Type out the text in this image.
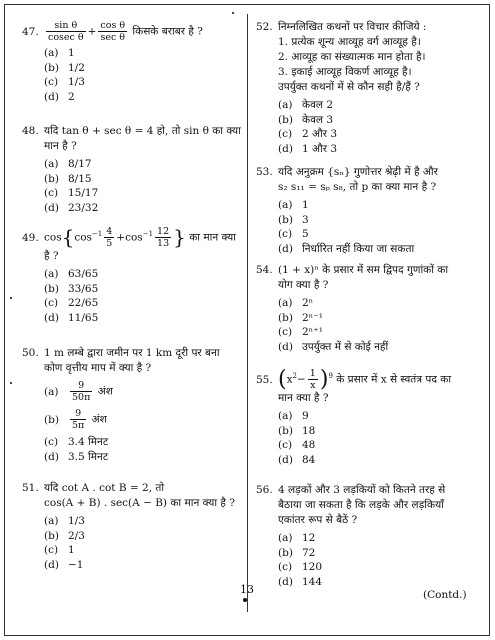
47. $\frac{\text{sin θ}}{\text{cosec θ}} + \frac{\text{cos θ}}{\text{sec θ}}$ किसके बराबर है ?

(a) 1
(b) 1/2
(c) 1/3
(d) 2

48. यदि tan θ + sec θ = 4 हो, तो sin θ का क्या

मान है ?

(a) 8/17
(b) 8/15
(c) 15/17
(d) 23/32

49. $\cos\{\cos^{-1} \frac{4}{5} +\cos^{-1} \frac{12}{13}$ } का मान क्या

है ?

(a) 63/65
(b) 33/65
(c) 22/65
(d) 11/65

50. 1 m लम्बे द्वारा जमीन पर 1 km दूरी पर बना

कोण वृत्तीय माप में क्या है ?

$(a) \frac{9}{50\pi}$ अंश
$(b) \frac{9}{5\pi}$ अंश
(c) 3.4 मिनट
(d) 3.5 मिनट

51. यदि cot A . cot B = 2, तो

cos(A + B) . sec(A − B) का मान क्या है ?

(a) 1/3
(b) 2/3
(c) 1
(d) −1

52. निम्नलिखित कथनों पर विचार कीजिये :

1. प्रत्येक शून्य आव्यूह वर्ग आव्यूह है।

2. आव्यूह का संख्यात्मक मान होता है।

3. इकाई आव्यूह विकर्ण आव्यूह है।

उपर्युक्त कथनों में से कौन सही है/हैं ?

(a) केवल 2
(b) केवल 3
(c) 2 और 3
(d) 1 और 3

53. यदि अनुक्रम {sₙ} गुणोत्तर श्रेढ़ी में है और

s₂ s₁₁ = sₚ s₈, तो p का क्या मान है ?

(a) 1
(b) 3
(c) 5
(d) निर्धारित नहीं किया जा सकता

54. (1 + x)ⁿ के प्रसार में सम द्विपद गुणांकों का

योग क्या है ?

(a) 2ⁿ
(b) 2ⁿ⁻¹
(c) 2ⁿ⁺¹
(d) उपर्युक्त में से कोई नहीं

55. $(x^2- \frac{1}{x} )^9$ के प्रसार में x से स्वतंत्र पद का

मान क्या है ?

(a) 9
(b) 18
(c) 48
(d) 84

56. 4 लड़कों और 3 लड़कियों को कितने तरह से

बैठाया जा सकता है कि लड़के और लड़कियाँ

एकांतर रूप से बैठें ?

(a) 12
(b) 72
(c) 120
(d) 144
13	(Contd.)
